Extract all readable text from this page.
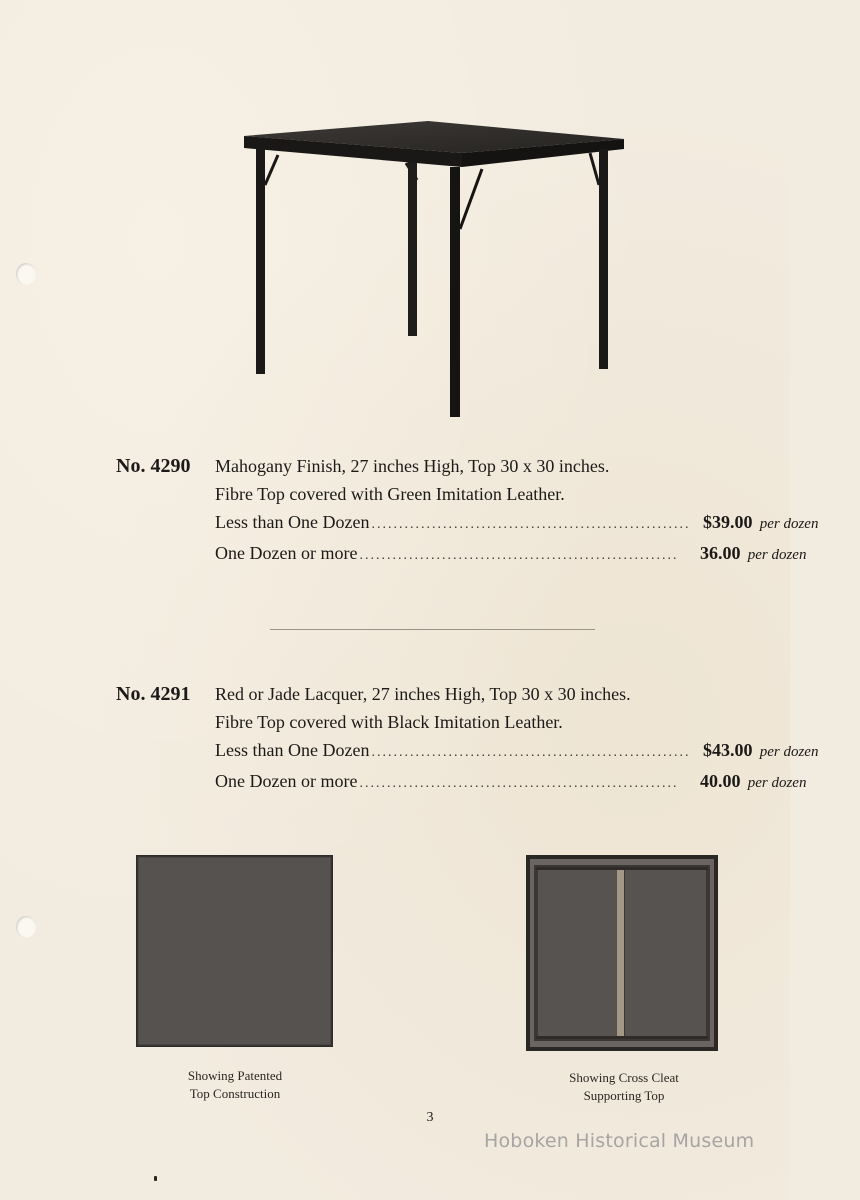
No. 4290	Mahogany Finish, 27 inches High, Top 30 x 30 inches.
Fibre Top covered with Green Imitation Leather.
Less than One Dozen .......................................................... $39.00 per dozen
One Dozen or more ..........................................................	36.00 per dozen
No. 4291	Red or Jade Lacquer, 27 inches High, Top 30 x 30 inches.
Fibre Top covered with Black Imitation Leather.
Less than One Dozen .......................................................... $43.00 per dozen
One Dozen or more ..........................................................	40.00 per dozen
Showing Patented
Top Construction
Showing Cross Cleat
Supporting Top
3
Hoboken Historical Museum
